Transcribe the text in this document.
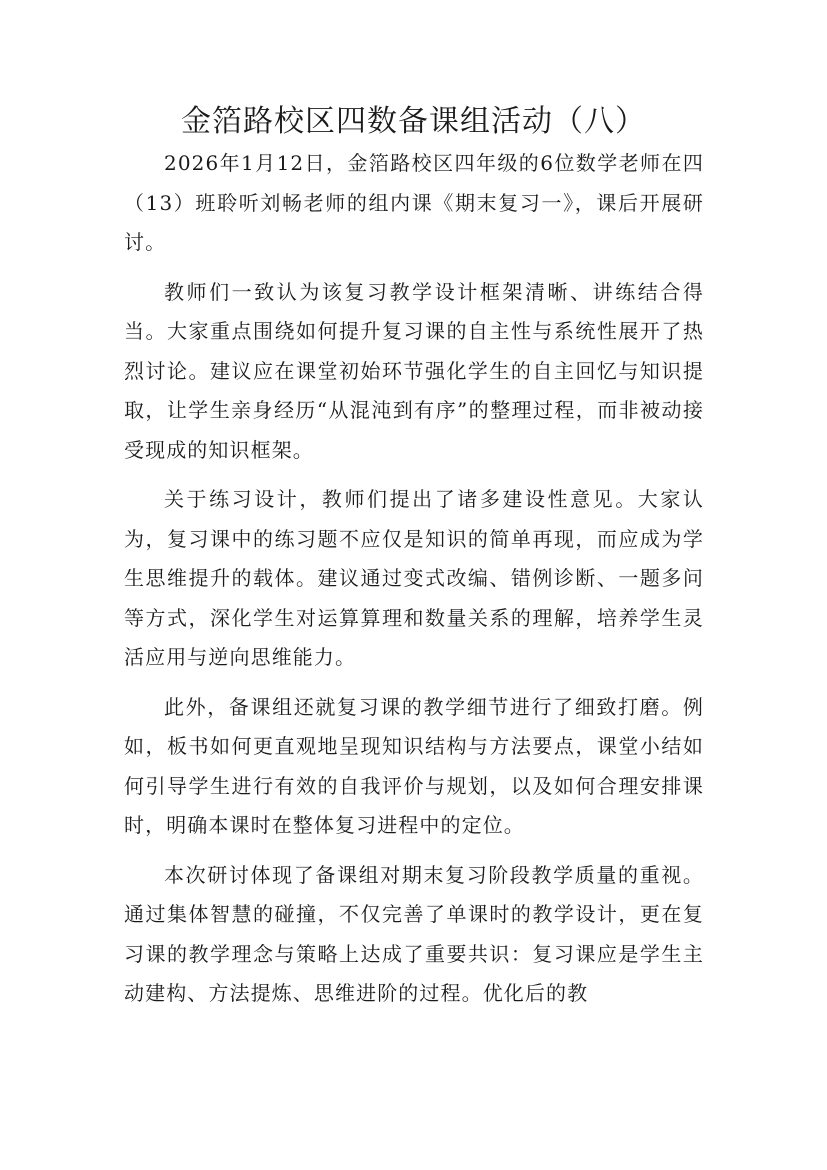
金箔路校区四数备课组活动（八）

2026年1月12日，金箔路校区四年级的6位数学老师在四（13）班聆听刘畅老师的组内课《期末复习一》，课后开展研讨。

教师们一致认为该复习教学设计框架清晰、讲练结合得当。大家重点围绕如何提升复习课的自主性与系统性展开了热烈讨论。建议应在课堂初始环节强化学生的自主回忆与知识提取，让学生亲身经历“从混沌到有序”的整理过程，而非被动接受现成的知识框架。

关于练习设计，教师们提出了诸多建设性意见。大家认为，复习课中的练习题不应仅是知识的简单再现，而应成为学生思维提升的载体。建议通过变式改编、错例诊断、一题多问等方式，深化学生对运算算理和数量关系的理解，培养学生灵活应用与逆向思维能力。

此外，备课组还就复习课的教学细节进行了细致打磨。例如，板书如何更直观地呈现知识结构与方法要点，课堂小结如何引导学生进行有效的自我评价与规划，以及如何合理安排课时，明确本课时在整体复习进程中的定位。

本次研讨体现了备课组对期末复习阶段教学质量的重视。通过集体智慧的碰撞，不仅完善了单课时的教学设计，更在复习课的教学理念与策略上达成了重要共识：复习课应是学生主动建构、方法提炼、思维进阶的过程。优化后的教
